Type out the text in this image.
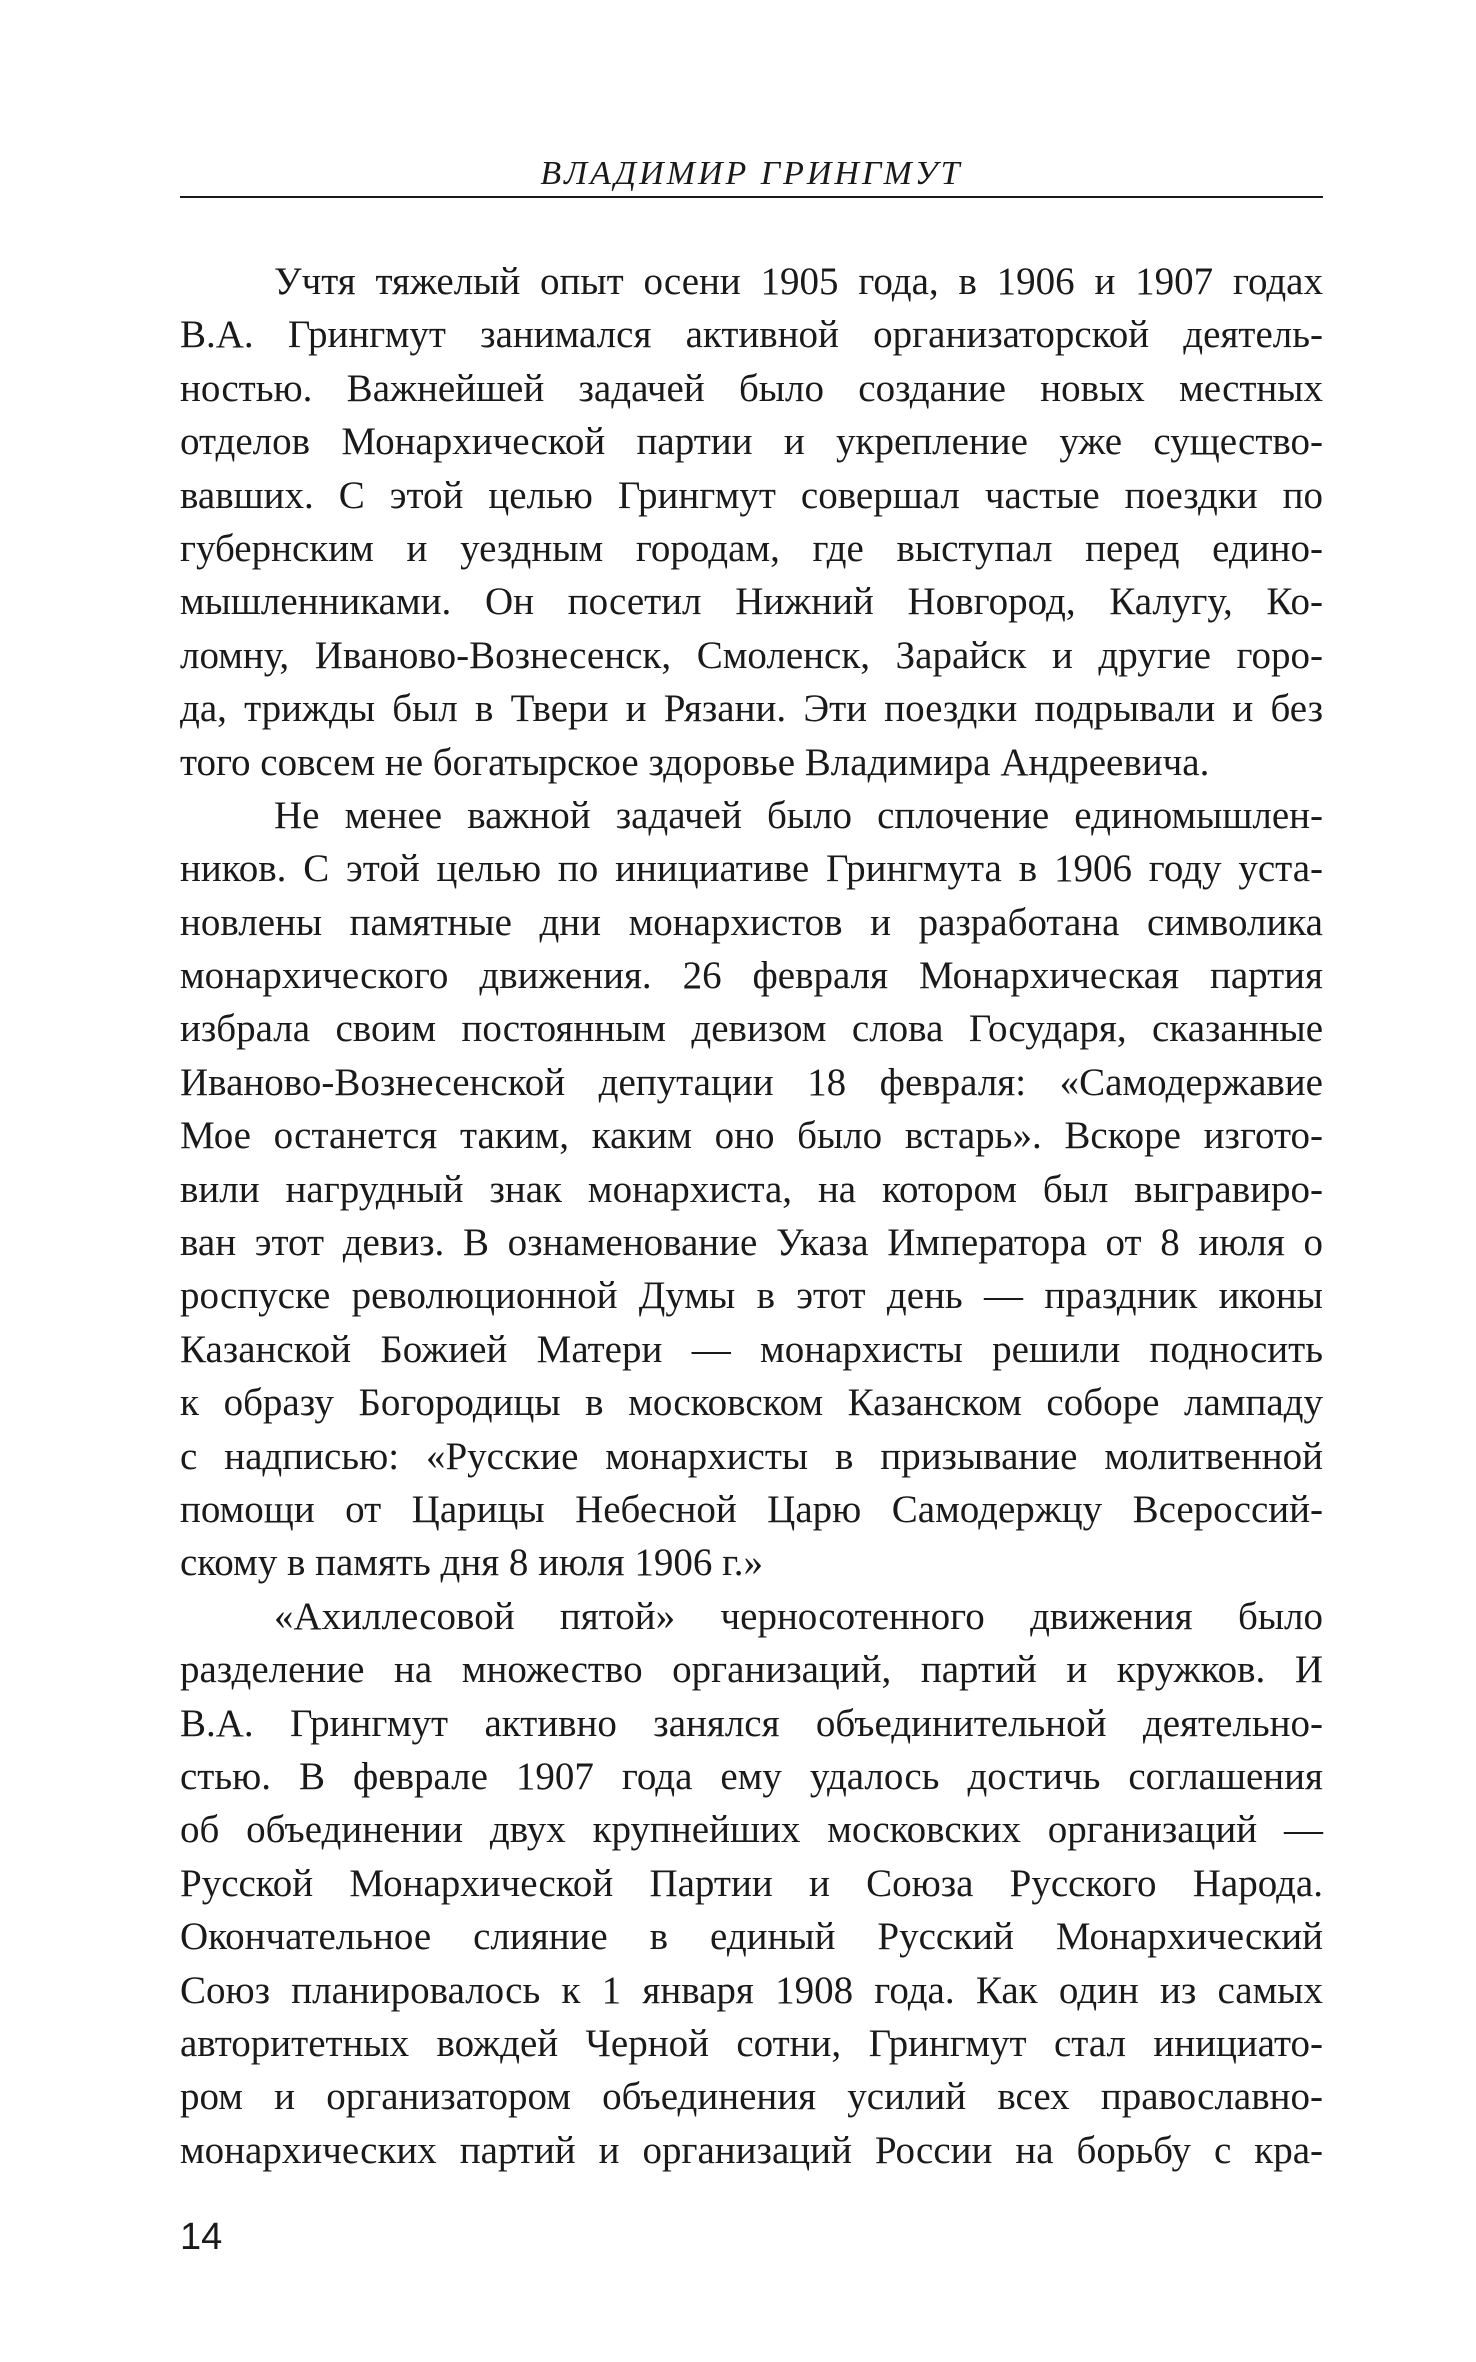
ВЛАДИМИР ГРИНГМУТ
Учтя тяжелый опыт осени 1905 года, в 1906 и 1907 годах
В.А. Грингмут занимался активной организаторской деятель-
ностью. Важнейшей задачей было создание новых местных
отделов Монархической партии и укрепление уже существо-
вавших. С этой целью Грингмут совершал частые поездки по
губернским и уездным городам, где выступал перед едино-
мышленниками. Он посетил Нижний Новгород, Калугу, Ко-
ломну, Иваново-Вознесенск, Смоленск, Зарайск и другие горо-
да, трижды был в Твери и Рязани. Эти поездки подрывали и без
того совсем не богатырское здоровье Владимира Андреевича.
Не менее важной задачей было сплочение единомышлен-
ников. С этой целью по инициативе Грингмута в 1906 году уста-
новлены памятные дни монархистов и разработана символика
монархического движения. 26 февраля Монархическая партия
избрала своим постоянным девизом слова Государя, сказанные
Иваново-Вознесенской депутации 18 февраля: «Самодержавие
Мое останется таким, каким оно было встарь». Вскоре изгото-
вили нагрудный знак монархиста, на котором был выгравиро-
ван этот девиз. В ознаменование Указа Императора от 8 июля о
роспуске революционной Думы в этот день — праздник иконы
Казанской Божией Матери — монархисты решили подносить
к образу Богородицы в московском Казанском соборе лампаду
с надписью: «Русские монархисты в призывание молитвенной
помощи от Царицы Небесной Царю Самодержцу Всероссий-
скому в память дня 8 июля 1906 г.»
«Ахиллесовой пятой» черносотенного движения было
разделение на множество организаций, партий и кружков. И
В.А. Грингмут активно занялся объединительной деятельно-
стью. В феврале 1907 года ему удалось достичь соглашения
об объединении двух крупнейших московских организаций —
Русской Монархической Партии и Союза Русского Народа.
Окончательное слияние в единый Русский Монархический
Союз планировалось к 1 января 1908 года. Как один из самых
авторитетных вождей Черной сотни, Грингмут стал инициато-
ром и организатором объединения усилий всех православно-
монархических партий и организаций России на борьбу с кра-
14
